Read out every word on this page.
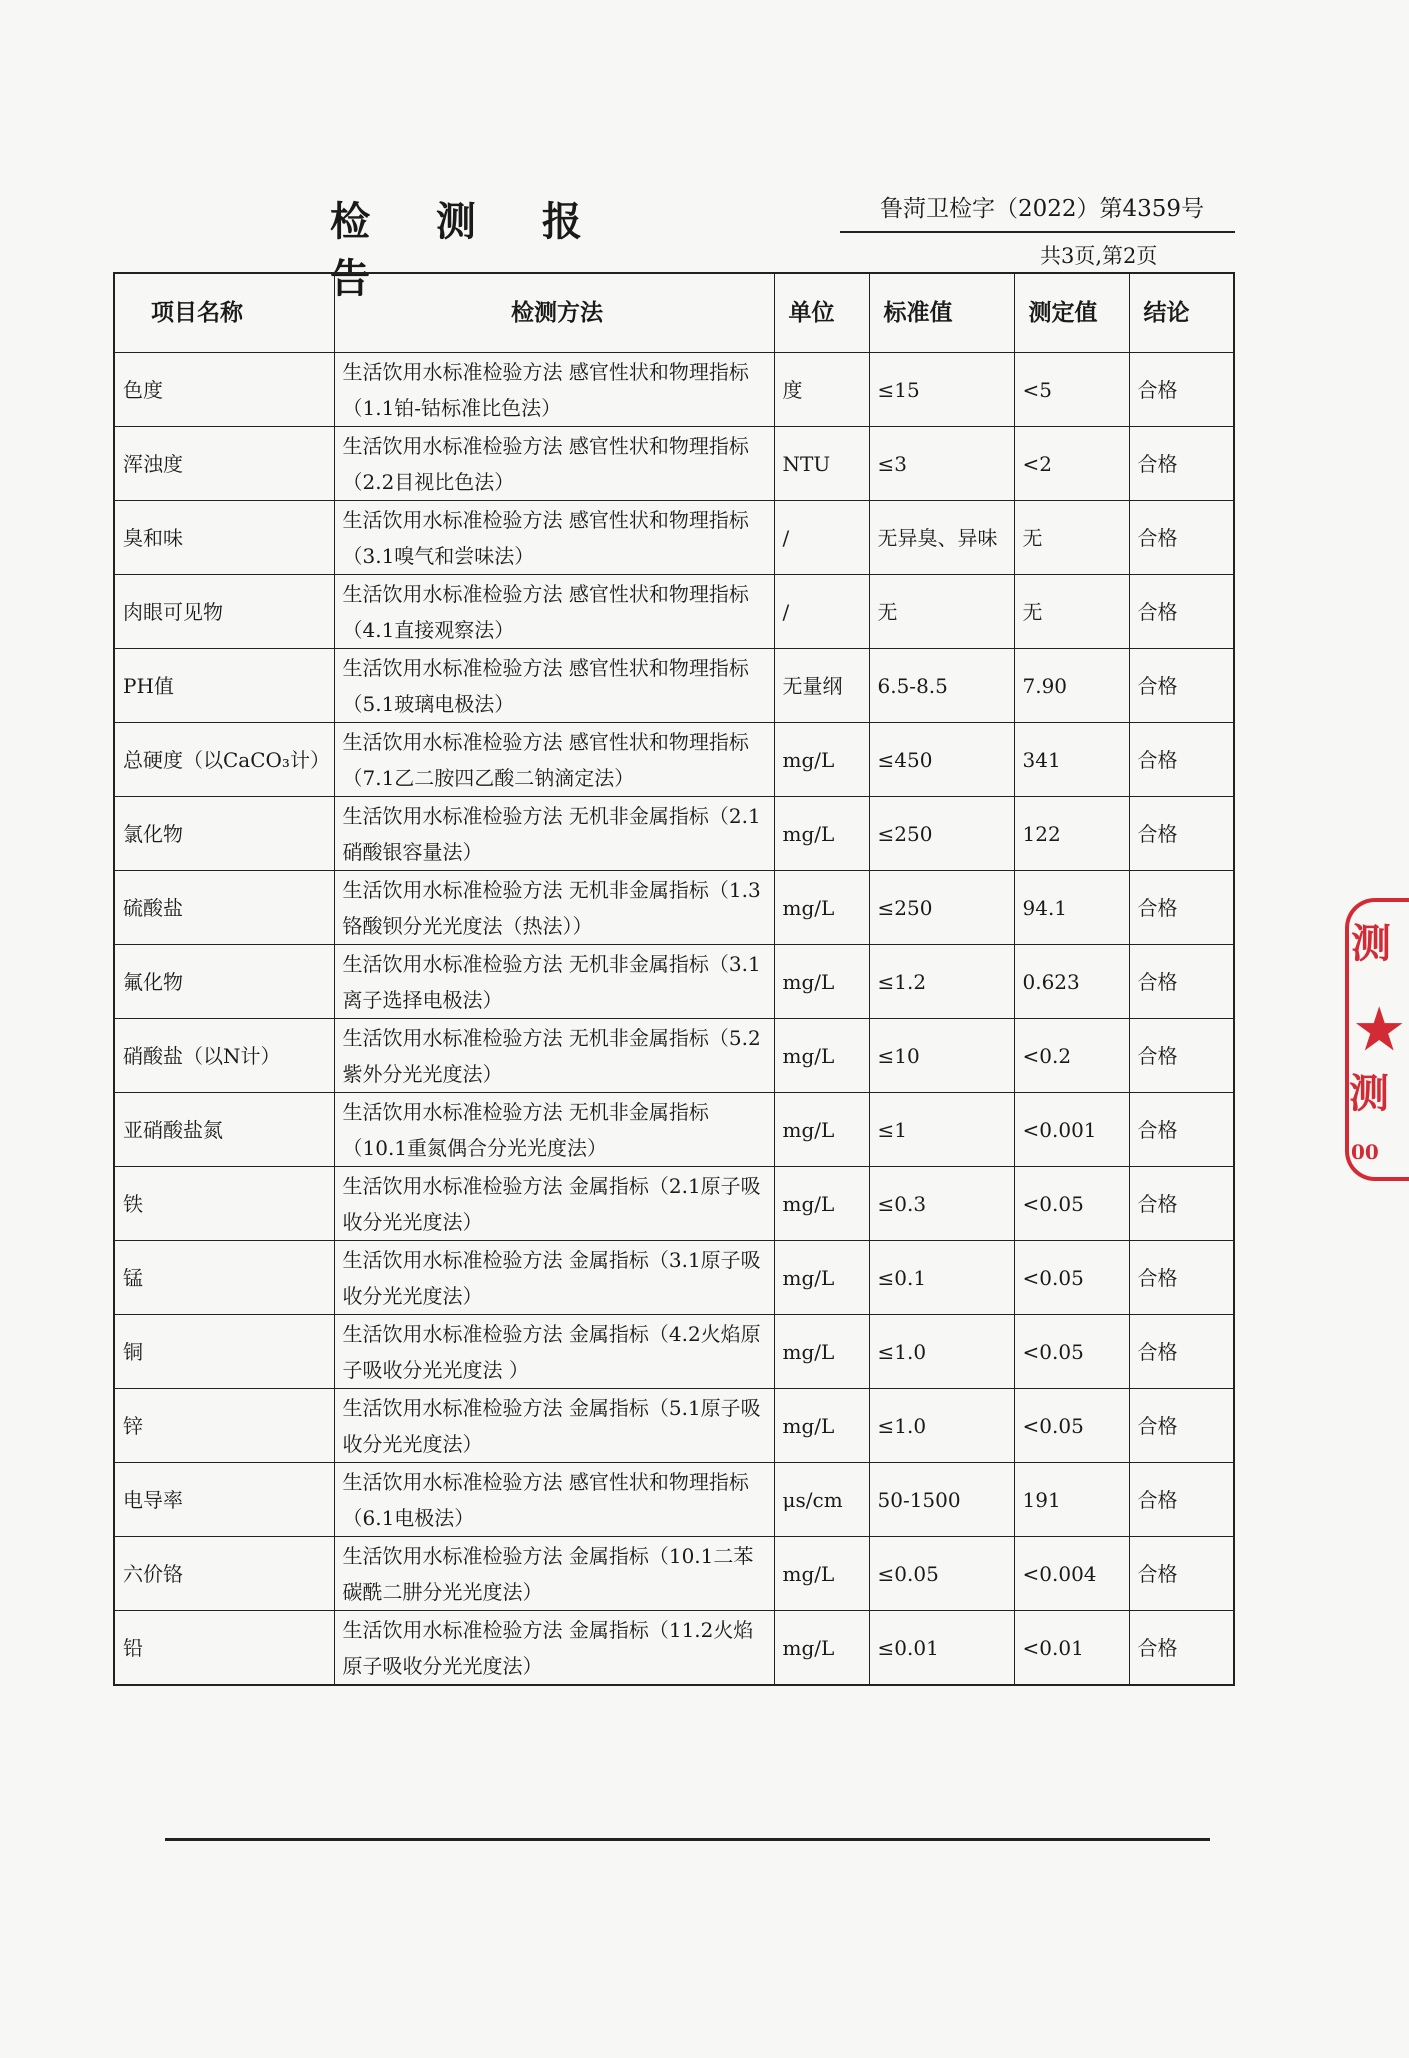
检 测 报 告
鲁菏卫检字（2022）第4359号
共3页,第2页
项目名称	检测方法	单位	标准值	测定值	结论
色度	生活饮用水标准检验方法 感官性状和物理指标（1.1铂-钴标准比色法）	度	≤15	<5	合格
浑浊度	生活饮用水标准检验方法 感官性状和物理指标（2.2目视比色法）	NTU	≤3	<2	合格
臭和味	生活饮用水标准检验方法 感官性状和物理指标（3.1嗅气和尝味法）	/	无异臭、异味	无	合格
肉眼可见物	生活饮用水标准检验方法 感官性状和物理指标（4.1直接观察法）	/	无	无	合格
PH值	生活饮用水标准检验方法 感官性状和物理指标（5.1玻璃电极法）	无量纲	6.5-8.5	7.90	合格
总硬度（以CaCO₃计）	生活饮用水标准检验方法 感官性状和物理指标（7.1乙二胺四乙酸二钠滴定法）	mg/L	≤450	341	合格
氯化物	生活饮用水标准检验方法 无机非金属指标（2.1硝酸银容量法）	mg/L	≤250	122	合格
硫酸盐	生活饮用水标准检验方法 无机非金属指标（1.3铬酸钡分光光度法（热法））	mg/L	≤250	94.1	合格
氟化物	生活饮用水标准检验方法 无机非金属指标（3.1离子选择电极法）	mg/L	≤1.2	0.623	合格
硝酸盐（以N计）	生活饮用水标准检验方法 无机非金属指标（5.2紫外分光光度法）	mg/L	≤10	<0.2	合格
亚硝酸盐氮	生活饮用水标准检验方法 无机非金属指标（10.1重氮偶合分光光度法）	mg/L	≤1	<0.001	合格
铁	生活饮用水标准检验方法 金属指标（2.1原子吸收分光光度法）	mg/L	≤0.3	<0.05	合格
锰	生活饮用水标准检验方法 金属指标（3.1原子吸收分光光度法）	mg/L	≤0.1	<0.05	合格
铜	生活饮用水标准检验方法 金属指标（4.2火焰原子吸收分光光度法 ）	mg/L	≤1.0	<0.05	合格
锌	生活饮用水标准检验方法 金属指标（5.1原子吸收分光光度法）	mg/L	≤1.0	<0.05	合格
电导率	生活饮用水标准检验方法 感官性状和物理指标（6.1电极法）	μs/cm	50-1500	191	合格
六价铬	生活饮用水标准检验方法 金属指标（10.1二苯碳酰二肼分光光度法）	mg/L	≤0.05	<0.004	合格
铅	生活饮用水标准检验方法 金属指标（11.2火焰原子吸收分光光度法）	mg/L	≤0.01	<0.01	合格
测
★
测
00
